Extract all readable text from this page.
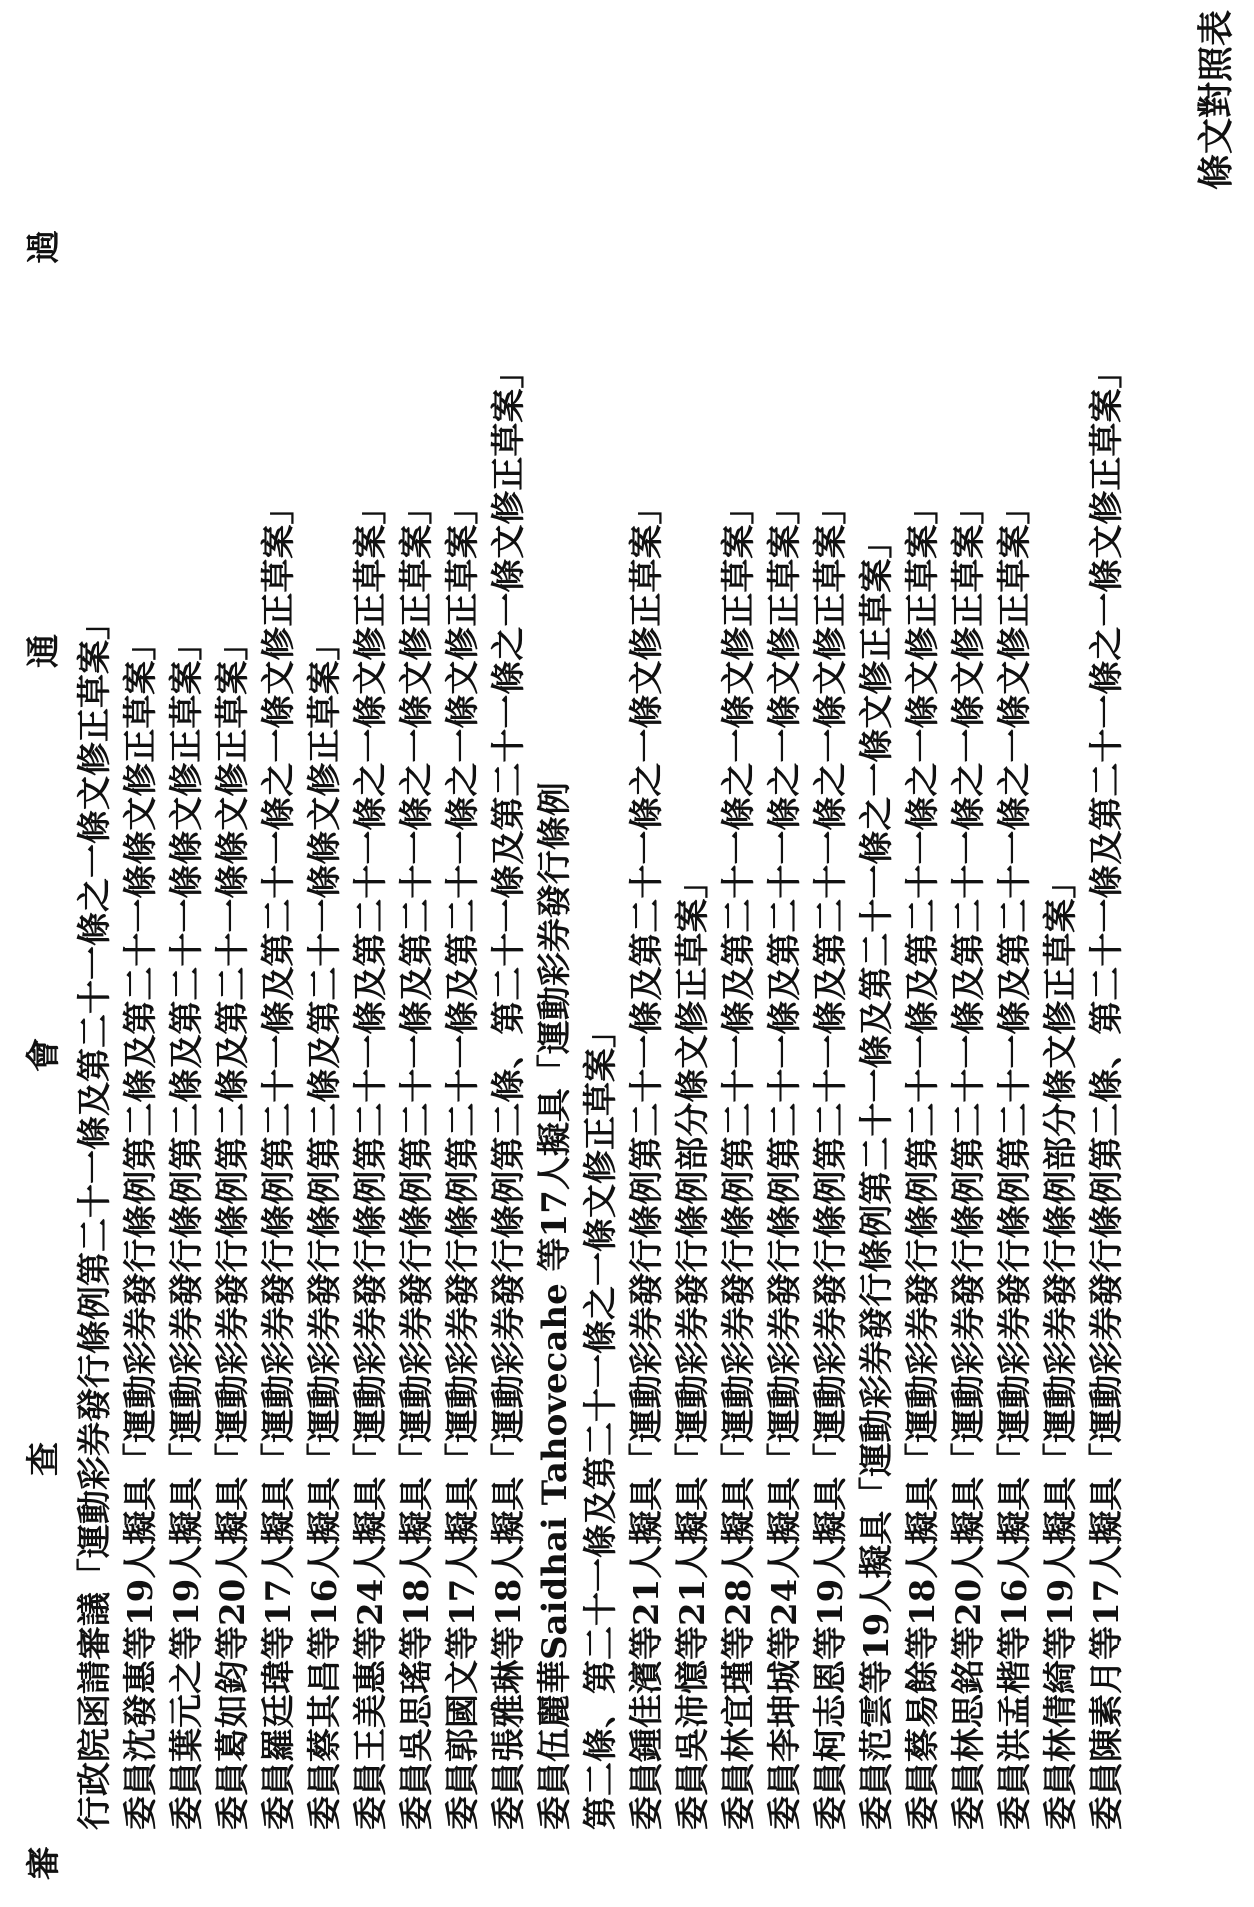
條文對照表
審
查
會
通
過
行政院函請審議「運動彩券發行條例第二十一條及第二十一條之一條文修正草案」
委員沈發惠等19人擬具「運動彩券發行條例第二條及第二十一條條文修正草案」
委員葉元之等19人擬具「運動彩券發行條例第二條及第二十一條條文修正草案」
委員葛如鈞等20人擬具「運動彩券發行條例第二條及第二十一條條文修正草案」
委員羅廷瑋等17人擬具「運動彩券發行條例第二十一條及第二十一條之一條文修正草案」
委員蔡其昌等16人擬具「運動彩券發行條例第二條及第二十一條條文修正草案」
委員王美惠等24人擬具「運動彩券發行條例第二十一條及第二十一條之一條文修正草案」
委員吳思瑤等18人擬具「運動彩券發行條例第二十一條及第二十一條之一條文修正草案」
委員郭國文等17人擬具「運動彩券發行條例第二十一條及第二十一條之一條文修正草案」
委員張雅琳等18人擬具「運動彩券發行條例第二條、第二十一條及第二十一條之一條文修正草案」
委員伍麗華Saidhai Tahovecahe 等17人擬具「運動彩券發行條例 第二條、第二十一條及第二十一條之一條文修正草案」 委員鍾佳濱等21人擬具「運動彩券發行條例第二十一條及第二十一條之一條文修正草案」
委員吳沛憶等21人擬具「運動彩券發行條例部分條文修正草案」
委員林宜瑾等28人擬具「運動彩券發行條例第二十一條及第二十一條之一條文修正草案」
委員李坤城等24人擬具「運動彩券發行條例第二十一條及第二十一條之一條文修正草案」
委員柯志恩等19人擬具「運動彩券發行條例第二十一條及第二十一條之一條文修正草案」
委員范雲等19人擬具「運動彩券發行條例第二十一條及第二十一條之一條文修正草案」
委員蔡易餘等18人擬具「運動彩券發行條例第二十一條及第二十一條之一條文修正草案」
委員林思銘等20人擬具「運動彩券發行條例第二十一條及第二十一條之一條文修正草案」
委員洪孟楷等16人擬具「運動彩券發行條例第二十一條及第二十一條之一條文修正草案」
委員林倩綺等19人擬具「運動彩券發行條例部分條文修正草案」
委員陳素月等17人擬具「運動彩券發行條例第二條、第二十一條及第二十一條之一條文修正草案」
